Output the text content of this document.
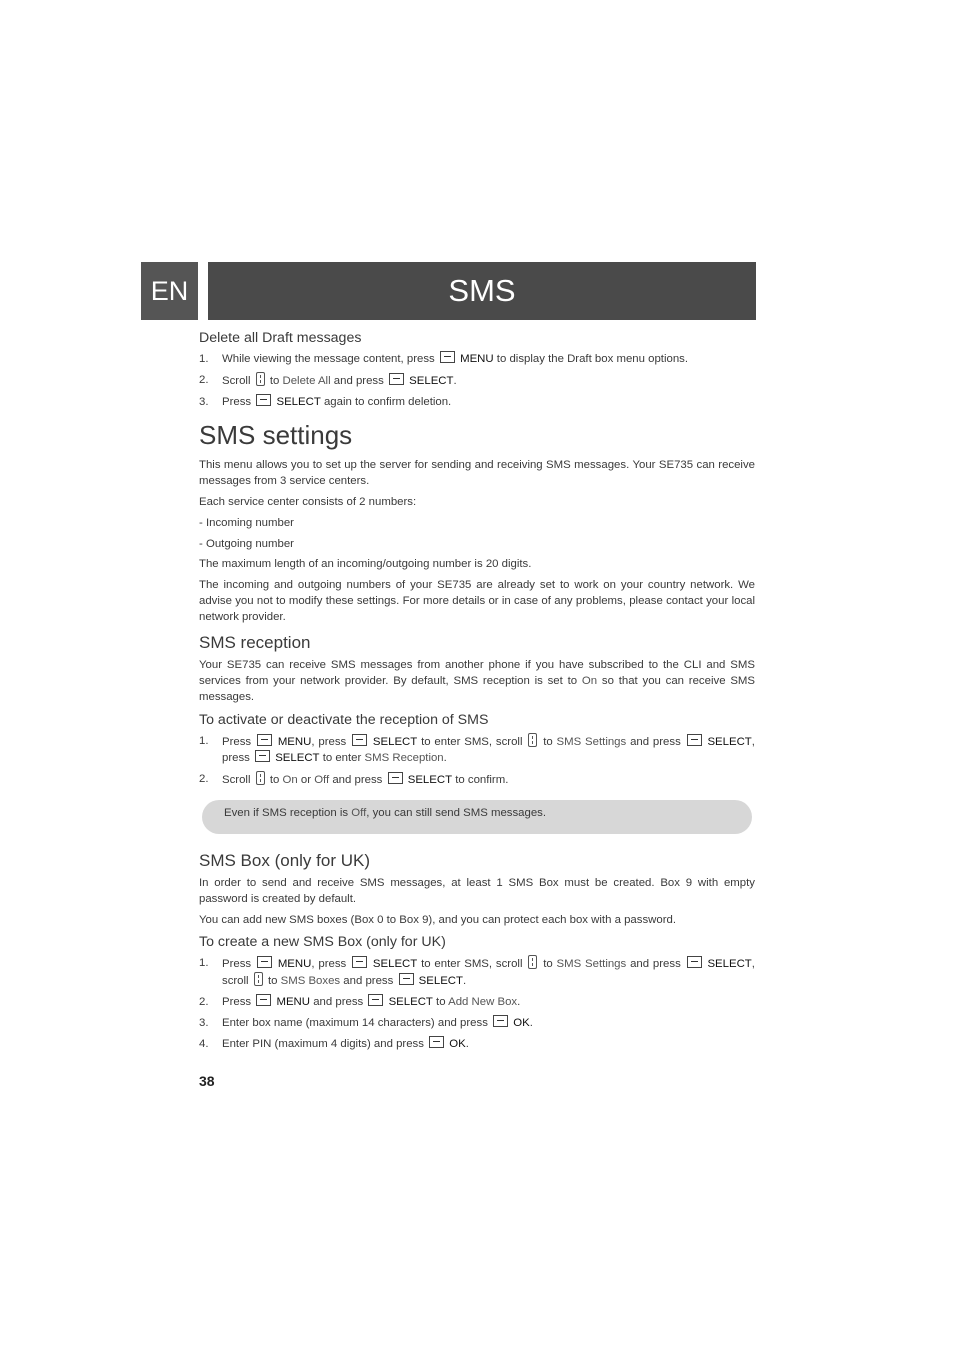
EN	SMS
Delete all Draft messages
1. While viewing the message content, press MENU to display the Draft box menu options.
2. Scroll to Delete All and press SELECT.
3. Press SELECT again to confirm deletion.
SMS settings

This menu allows you to set up the server for sending and receiving SMS messages. Your SE735 can receive messages from 3 service centers.

Each service center consists of 2 numbers:

- Incoming number

- Outgoing number

The maximum length of an incoming/outgoing number is 20 digits.

The incoming and outgoing numbers of your SE735 are already set to work on your country network. We advise you not to modify these settings. For more details or in case of any problems, please contact your local network provider.

SMS reception

Your SE735 can receive SMS messages from another phone if you have subscribed to the CLI and SMS services from your network provider. By default, SMS reception is set to On so that you can receive SMS messages.

To activate or deactivate the reception of SMS
1. Press MENU, press SELECT to enter SMS, scroll to SMS Settings and press SELECT, press SELECT to enter SMS Reception.
2. Scroll to On or Off and press SELECT to confirm.
Even if SMS reception is Off, you can still send SMS messages.
SMS Box (only for UK)

In order to send and receive SMS messages, at least 1 SMS Box must be created. Box 9 with empty password is created by default.

You can add new SMS boxes (Box 0 to Box 9), and you can protect each box with a password.

To create a new SMS Box (only for UK)
1. Press MENU, press SELECT to enter SMS, scroll to SMS Settings and press SELECT, scroll to SMS Boxes and press SELECT.
2. Press MENU and press SELECT to Add New Box.
3. Enter box name (maximum 14 characters) and press OK.
4. Enter PIN (maximum 4 digits) and press OK.
38
